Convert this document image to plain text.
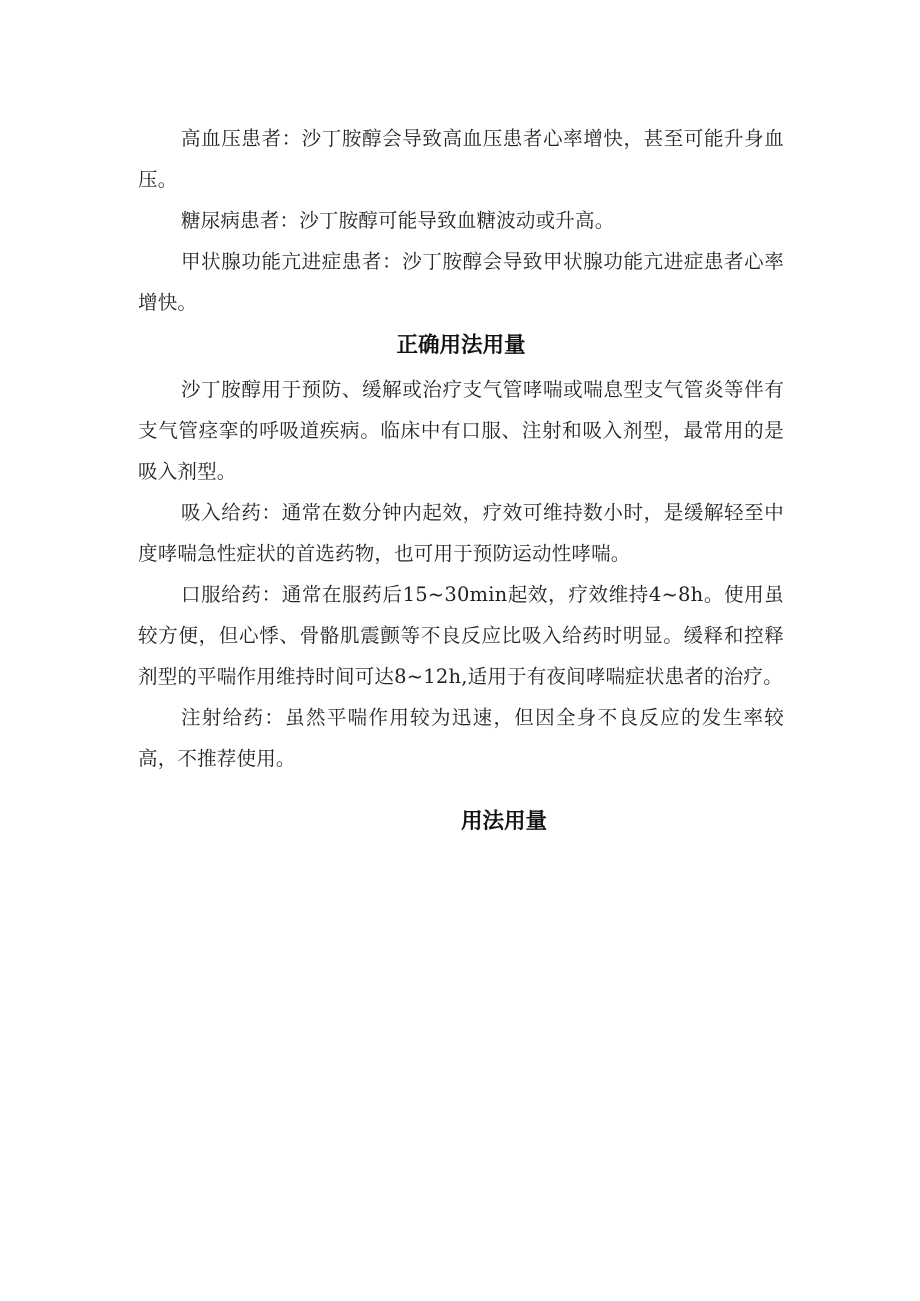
高血压患者：沙丁胺醇会导致高血压患者心率增快，甚至可能升身血压。

糖尿病患者：沙丁胺醇可能导致血糖波动或升高。

甲状腺功能亢进症患者：沙丁胺醇会导致甲状腺功能亢进症患者心率增快。

正确用法用量

沙丁胺醇用于预防、缓解或治疗支气管哮喘或喘息型支气管炎等伴有支气管痉挛的呼吸道疾病。临床中有口服、注射和吸入剂型，最常用的是吸入剂型。

吸入给药：通常在数分钟内起效，疗效可维持数小时，是缓解轻至中度哮喘急性症状的首选药物，也可用于预防运动性哮喘。

口服给药：通常在服药后15~30min起效，疗效维持4~8h。使用虽较方便，但心悸、骨骼肌震颤等不良反应比吸入给药时明显。缓释和控释剂型的平喘作用维持时间可达8~12h,适用于有夜间哮喘症状患者的治疗。

注射给药：虽然平喘作用较为迅速，但因全身不良反应的发生率较高，不推荐使用。

用法用量
